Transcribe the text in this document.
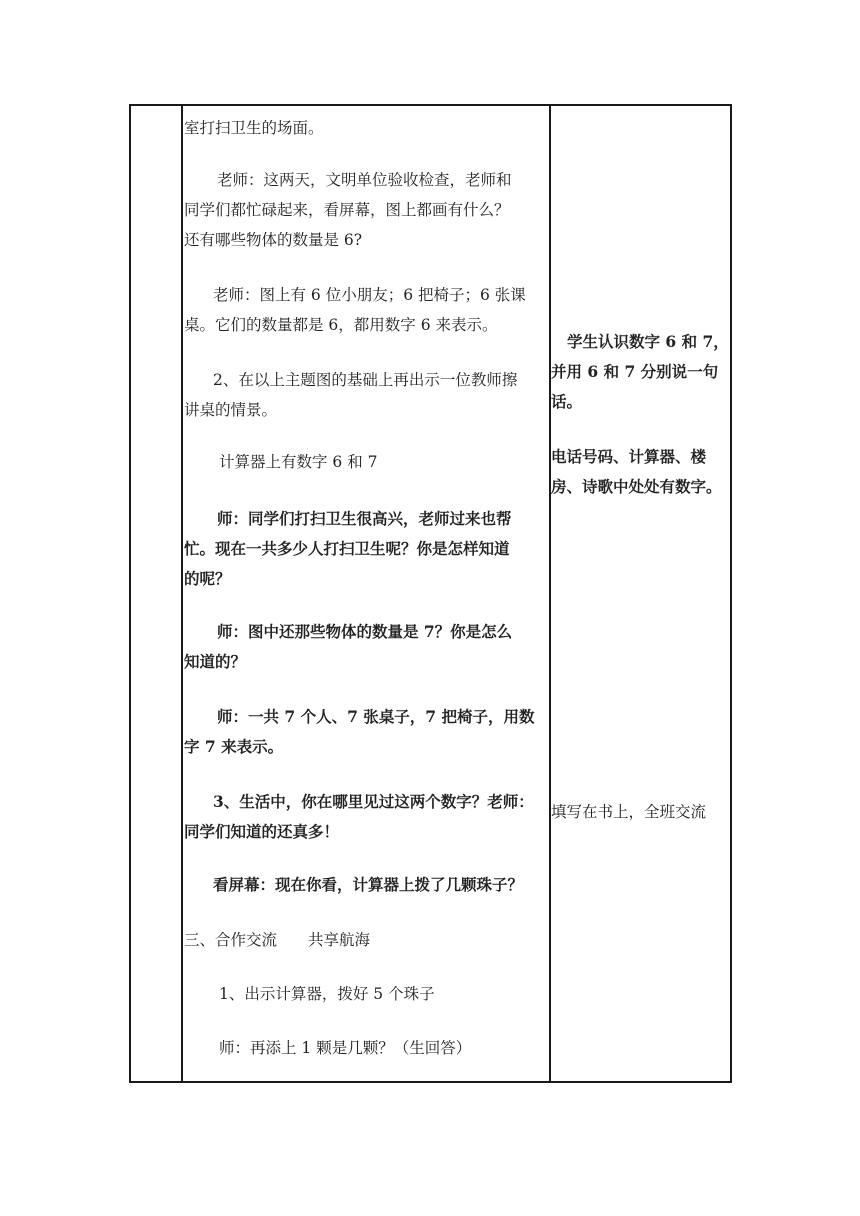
室打扫卫生的场面。

老师：这两天，文明单位验收检查，老师和

同学们都忙碌起来，看屏幕，图上都画有什么？

还有哪些物体的数量是 6?

老师：图上有 6 位小朋友；6 把椅子；6 张课

桌。它们的数量都是 6，都用数字 6 来表示。

2、在以上主题图的基础上再出示一位教师擦

讲桌的情景。

计算器上有数字 6 和 7

师：同学们打扫卫生很高兴，老师过来也帮

忙。现在一共多少人打扫卫生呢？你是怎样知道

的呢？

师：图中还那些物体的数量是 7？你是怎么

知道的？

师：一共 7 个人、7 张桌子，7 把椅子，用数

字 7 来表示。

3、生活中，你在哪里见过这两个数字？老师：

同学们知道的还真多！

看屏幕：现在你看，计算器上拨了几颗珠子？

三、合作交流　　共享航海

1、出示计算器，拨好 5 个珠子

师：再添上 1 颗是几颗？（生回答）

学生认识数字 6 和 7，

并用 6 和 7 分别说一句

话。

电话号码、计算器、楼

房、诗歌中处处有数字。

填写在书上，全班交流
